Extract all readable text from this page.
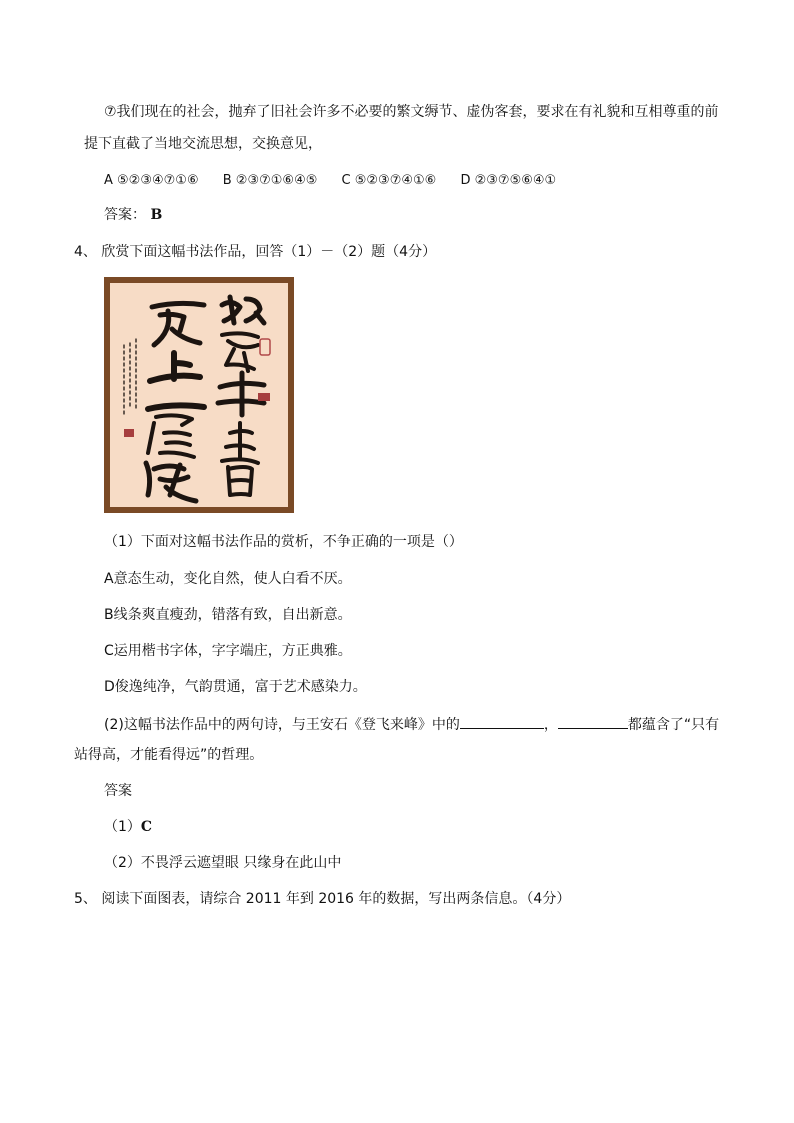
⑦我们现在的社会，抛弃了旧社会许多不必要的繁文缛节、虚伪客套，要求在有礼貌和互相尊重的前
提下直截了当地交流思想，交换意见，
A ⑤②③④⑦①⑥ B ②③⑦①⑥④⑤ C ⑤②③⑦④①⑥ D ②③⑦⑤⑥④①
答案： B
4、 欣赏下面这幅书法作品，回答（1）－（2）题（4分）
（1）下面对这幅书法作品的赏析，不争正确的一项是（）
A意态生动，变化自然，使人白看不厌。
B线条爽直瘦劲，错落有致，自出新意。
C运用楷书字体，字字端庄，方正典雅。
D俊逸纯净，气韵贯通，富于艺术感染力。
(2)这幅书法作品中的两句诗，与王安石《登飞来峰》中的	，	都蕴含了“只有
站得高，才能看得远”的哲理。
答案
（1）C
（2）不畏浮云遮望眼 只缘身在此山中
5、 阅读下面图表，请综合 2011 年到 2016 年的数据，写出两条信息。（4分）
